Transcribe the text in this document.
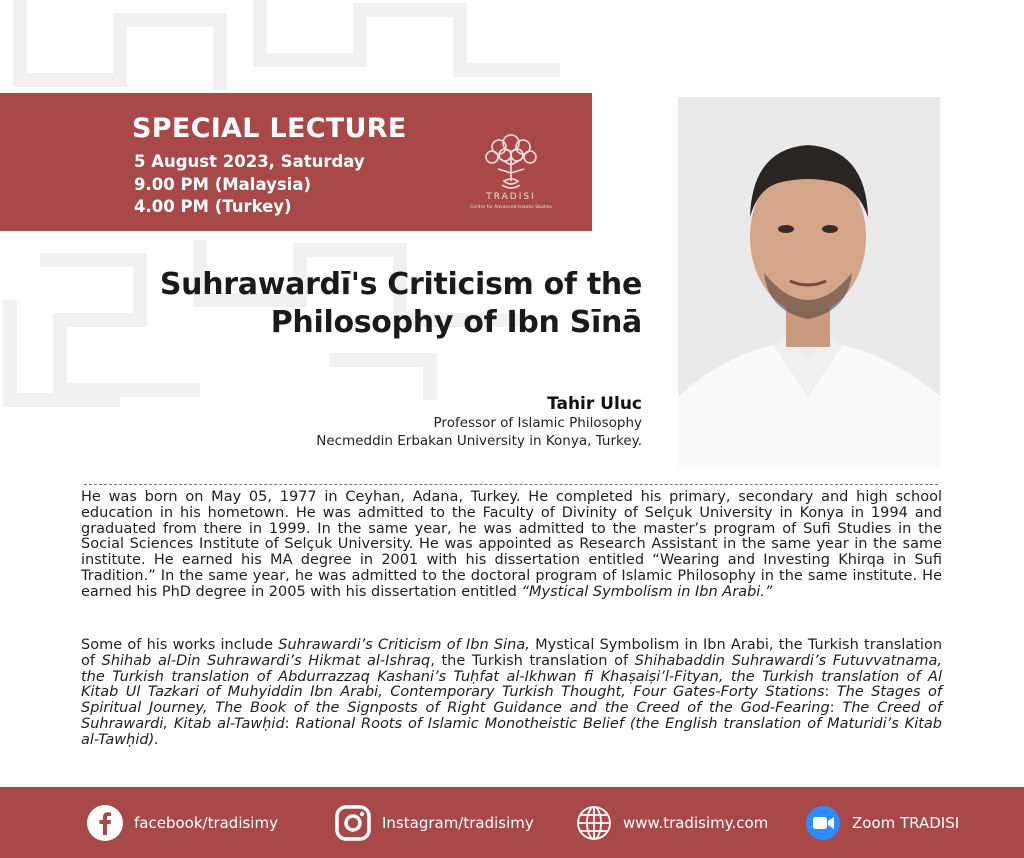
SPECIAL LECTURE
5 August 2023, Saturday
9.00 PM (Malaysia)
4.00 PM (Turkey)	TRADISI
Centre for Advanced Islamic Studies
Suhrawardī's Criticism of the
Philosophy of Ibn Sīnā
Tahir Uluc
Professor of Islamic Philosophy
Necmeddin Erbakan University in Konya, Turkey.

He was born on May 05, 1977 in Ceyhan, Adana, Turkey. He completed his primary, secondary and high school education in his hometown. He was admitted to the Faculty of Divinity of Selçuk University in Konya in 1994 and graduated from there in 1999. In the same year, he was admitted to the master’s program of Sufi Studies in the Social Sciences Institute of Selçuk University. He was appointed as Research Assistant in the same year in the same institute. He earned his MA degree in 2001 with his dissertation entitled “Wearing and Investing Khirqa in Sufi Tradition.” In the same year, he was admitted to the doctoral program of Islamic Philosophy in the same institute. He earned his PhD degree in 2005 with his dissertation entitled “Mystical Symbolism in Ibn Arabi.”

Some of his works include Suhrawardi’s Criticism of Ibn Sina, Mystical Symbolism in Ibn Arabi, the Turkish translation of Shihab al-Din Suhrawardi’s Hikmat al-Ishraq, the Turkish translation of Shihabaddin Suhrawardi’s Futuvvatnama, the Turkish translation of Abdurrazzaq Kashani’s Tuḥfat al-Ikhwan fi Khaṣaiṣi’l-Fityan, the Turkish translation of Al Kitab Ul Tazkari of Muhyiddin Ibn Arabi, Contemporary Turkish Thought, Four Gates-Forty Stations: The Stages of Spiritual Journey, The Book of the Signposts of Right Guidance and the Creed of the God-Fearing: The Creed of Suhrawardi, Kitab al-Tawḥid: Rational Roots of Islamic Monotheistic Belief (the English translation of Maturidi’s Kitab al-Tawḥid).

facebook/tradisimy	Instagram/tradisimy	www.tradisimy.com	Zoom TRADISI
